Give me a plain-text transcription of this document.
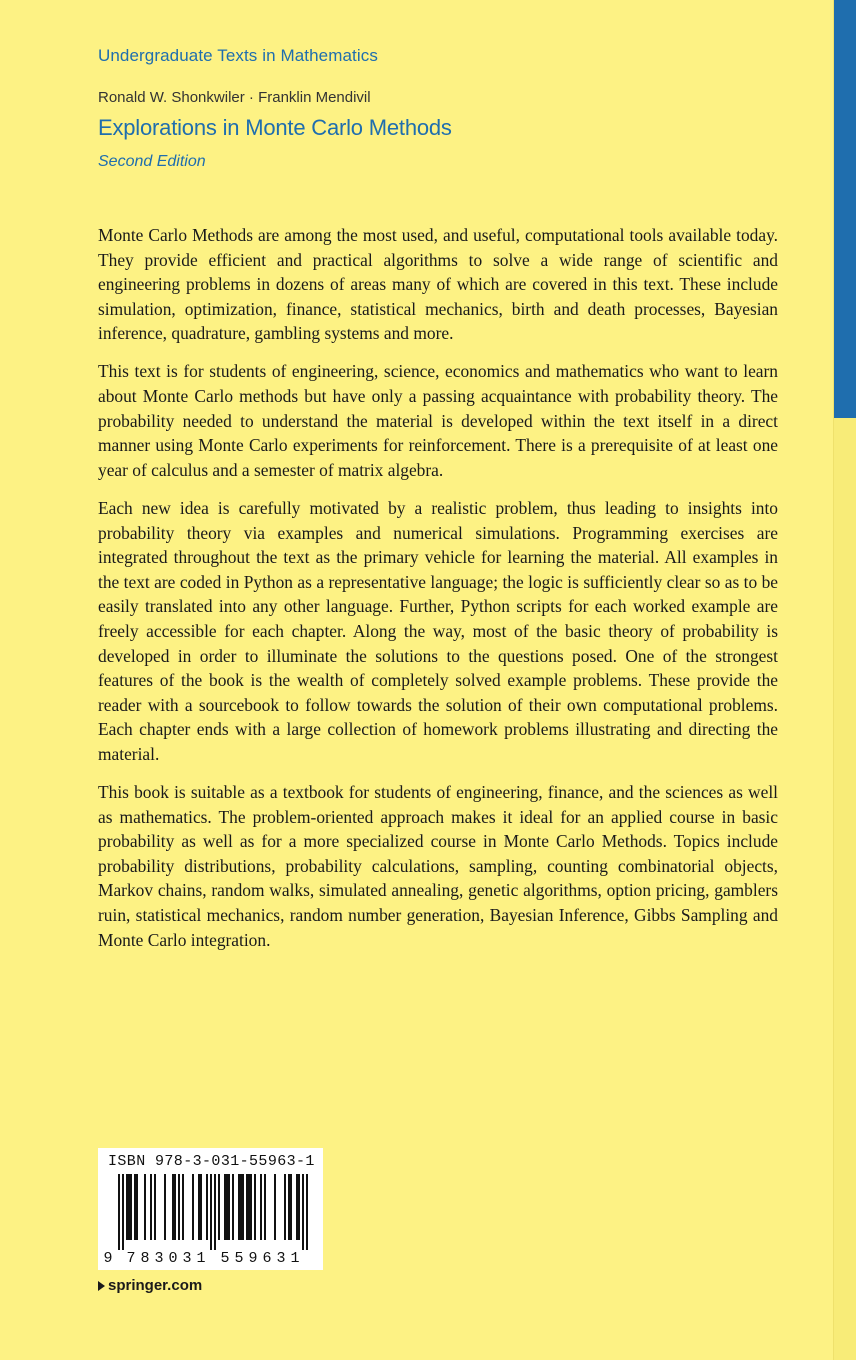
Undergraduate Texts in Mathematics
Ronald W. Shonkwiler · Franklin Mendivil
Explorations in Monte Carlo Methods
Second Edition

Monte Carlo Methods are among the most used, and useful, computational tools available today. They provide efficient and practical algorithms to solve a wide range of scientific and engineering problems in dozens of areas many of which are covered in this text. These include simulation, optimization, finance, statistical mechanics, birth and death processes, Bayesian inference, quadrature, gambling systems and more.

This text is for students of engineering, science, economics and mathematics who want to learn about Monte Carlo methods but have only a passing acquaintance with probability theory. The probability needed to understand the material is developed within the text itself in a direct manner using Monte Carlo experiments for reinforcement. There is a prerequisite of at least one year of calculus and a semester of matrix algebra.

Each new idea is carefully motivated by a realistic problem, thus leading to insights into probability theory via examples and numerical simulations. Programming exercises are integrated throughout the text as the primary vehicle for learning the material. All examples in the text are coded in Python as a representative language; the logic is sufficiently clear so as to be easily translated into any other language. Further, Python scripts for each worked example are freely accessible for each chapter. Along the way, most of the basic theory of probability is developed in order to illuminate the solutions to the questions posed. One of the strongest features of the book is the wealth of completely solved example problems. These provide the reader with a sourcebook to follow towards the solution of their own computational problems. Each chapter ends with a large collection of homework problems illustrating and directing the material.

This book is suitable as a textbook for students of engineering, finance, and the sciences as well as mathematics. The problem-oriented approach makes it ideal for an applied course in basic probability as well as for a more specialized course in Monte Carlo Methods. Topics include probability distributions, probability calculations, sampling, counting combinatorial objects, Markov chains, random walks, simulated annealing, genetic algorithms, option pricing, gamblers ruin, statistical mechanics, random number generation, Bayesian Inference, Gibbs Sampling and Monte Carlo integration.

9 7 8 3 0 3 1 5 5 9 6 3 1
ISBN 978-3-031-55963-1
springer.com
